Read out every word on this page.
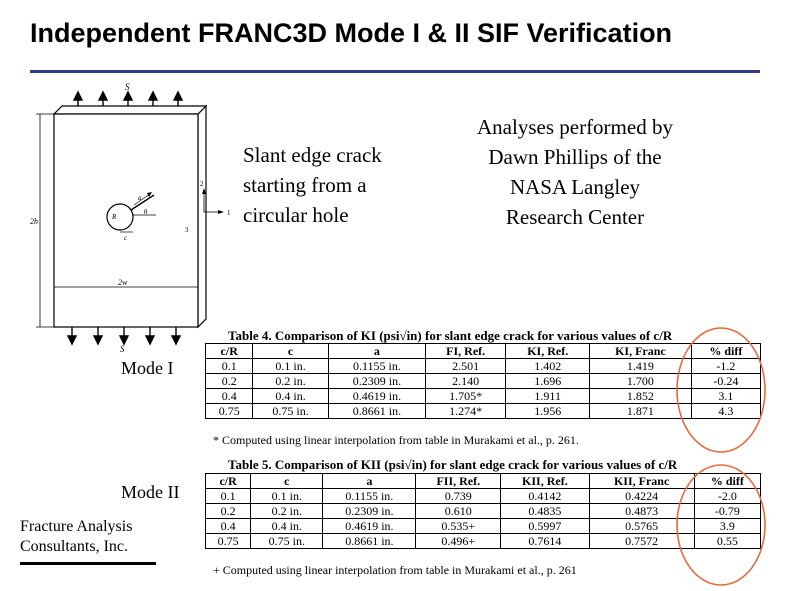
Independent FRANC3D Mode I & II SIF Verification
S
2w
2h	R
a
θ
c
2
1
3
S
Slant edge crack
starting from a
circular hole
Analyses performed by
Dawn Phillips of the
NASA Langley
Research Center
Table 4. Comparison of KI (psi√in) for slant edge crack for various values of c/R
Mode I
c/R	c	a	FI, Ref.	KI, Ref.	KI, Franc	% diff
0.1	0.1 in.	0.1155 in.	2.501	1.402	1.419	-1.2
0.2	0.2 in.	0.2309 in.	2.140	1.696	1.700	-0.24
0.4	0.4 in.	0.4619 in.	1.705*	1.911	1.852	3.1
0.75	0.75 in.	0.8661 in.	1.274*	1.956	1.871	4.3
* Computed using linear interpolation from table in Murakami et al., p. 261.
Table 5. Comparison of KII (psi√in) for slant edge crack for various values of c/R
Mode II
c/R	c	a	FII, Ref.	KII, Ref.	KII, Franc	% diff
0.1	0.1 in.	0.1155 in.	0.739	0.4142	0.4224	-2.0
0.2	0.2 in.	0.2309 in.	0.610	0.4835	0.4873	-0.79
0.4	0.4 in.	0.4619 in.	0.535+	0.5997	0.5765	3.9
0.75	0.75 in.	0.8661 in.	0.496+	0.7614	0.7572	0.55
+ Computed using linear interpolation from table in Murakami et al., p. 261
Fracture Analysis
Consultants, Inc.
